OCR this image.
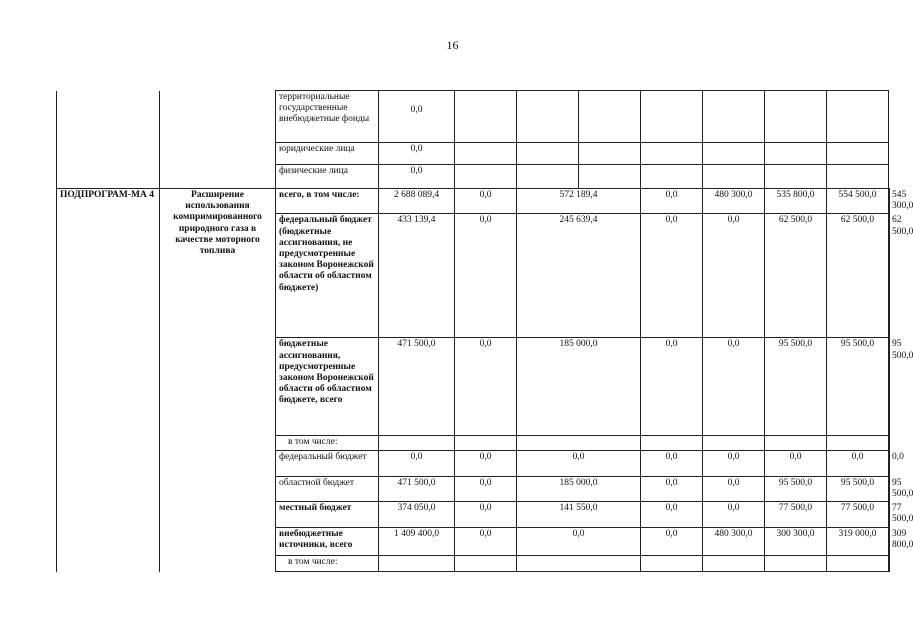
16
		территориальные государственные внебюджетные фонды	0,0								
		юридические лица	0,0								
		физические лица	0,0								
ПОДПРОГРАМ-МА 4	Расширение использования компримированного природного газа в качестве моторного топлива	всего, в том числе:	2 688 089,4	0,0	572 189,4		0,0	480 300,0	535 800,0	554 500,0	545 300,0
		федеральный бюджет (бюджетные ассигнования, не предусмотренные законом Воронежской области об областном бюджете)	433 139,4	0,0	245 639,4		0,0	0,0	62 500,0	62 500,0	62 500,0
		бюджетные ассигнования, предусмотренные законом Воронежской области об областном бюджете, всего	471 500,0	0,0	185 000,0		0,0	0,0	95 500,0	95 500,0	95 500,0
		в том числе:									
		федеральный бюджет	0,0	0,0	0,0		0,0	0,0	0,0	0,0	0,0
		областной бюджет	471 500,0	0,0	185 000,0		0,0	0,0	95 500,0	95 500,0	95 500,0
		местный бюджет	374 050,0	0,0	141 550,0		0,0	0,0	77 500,0	77 500,0	77 500,0
		внебюджетные источники, всего	1 409 400,0	0,0	0,0		0,0	480 300,0	300 300,0	319 000,0	309 800,0
		в том числе:									
